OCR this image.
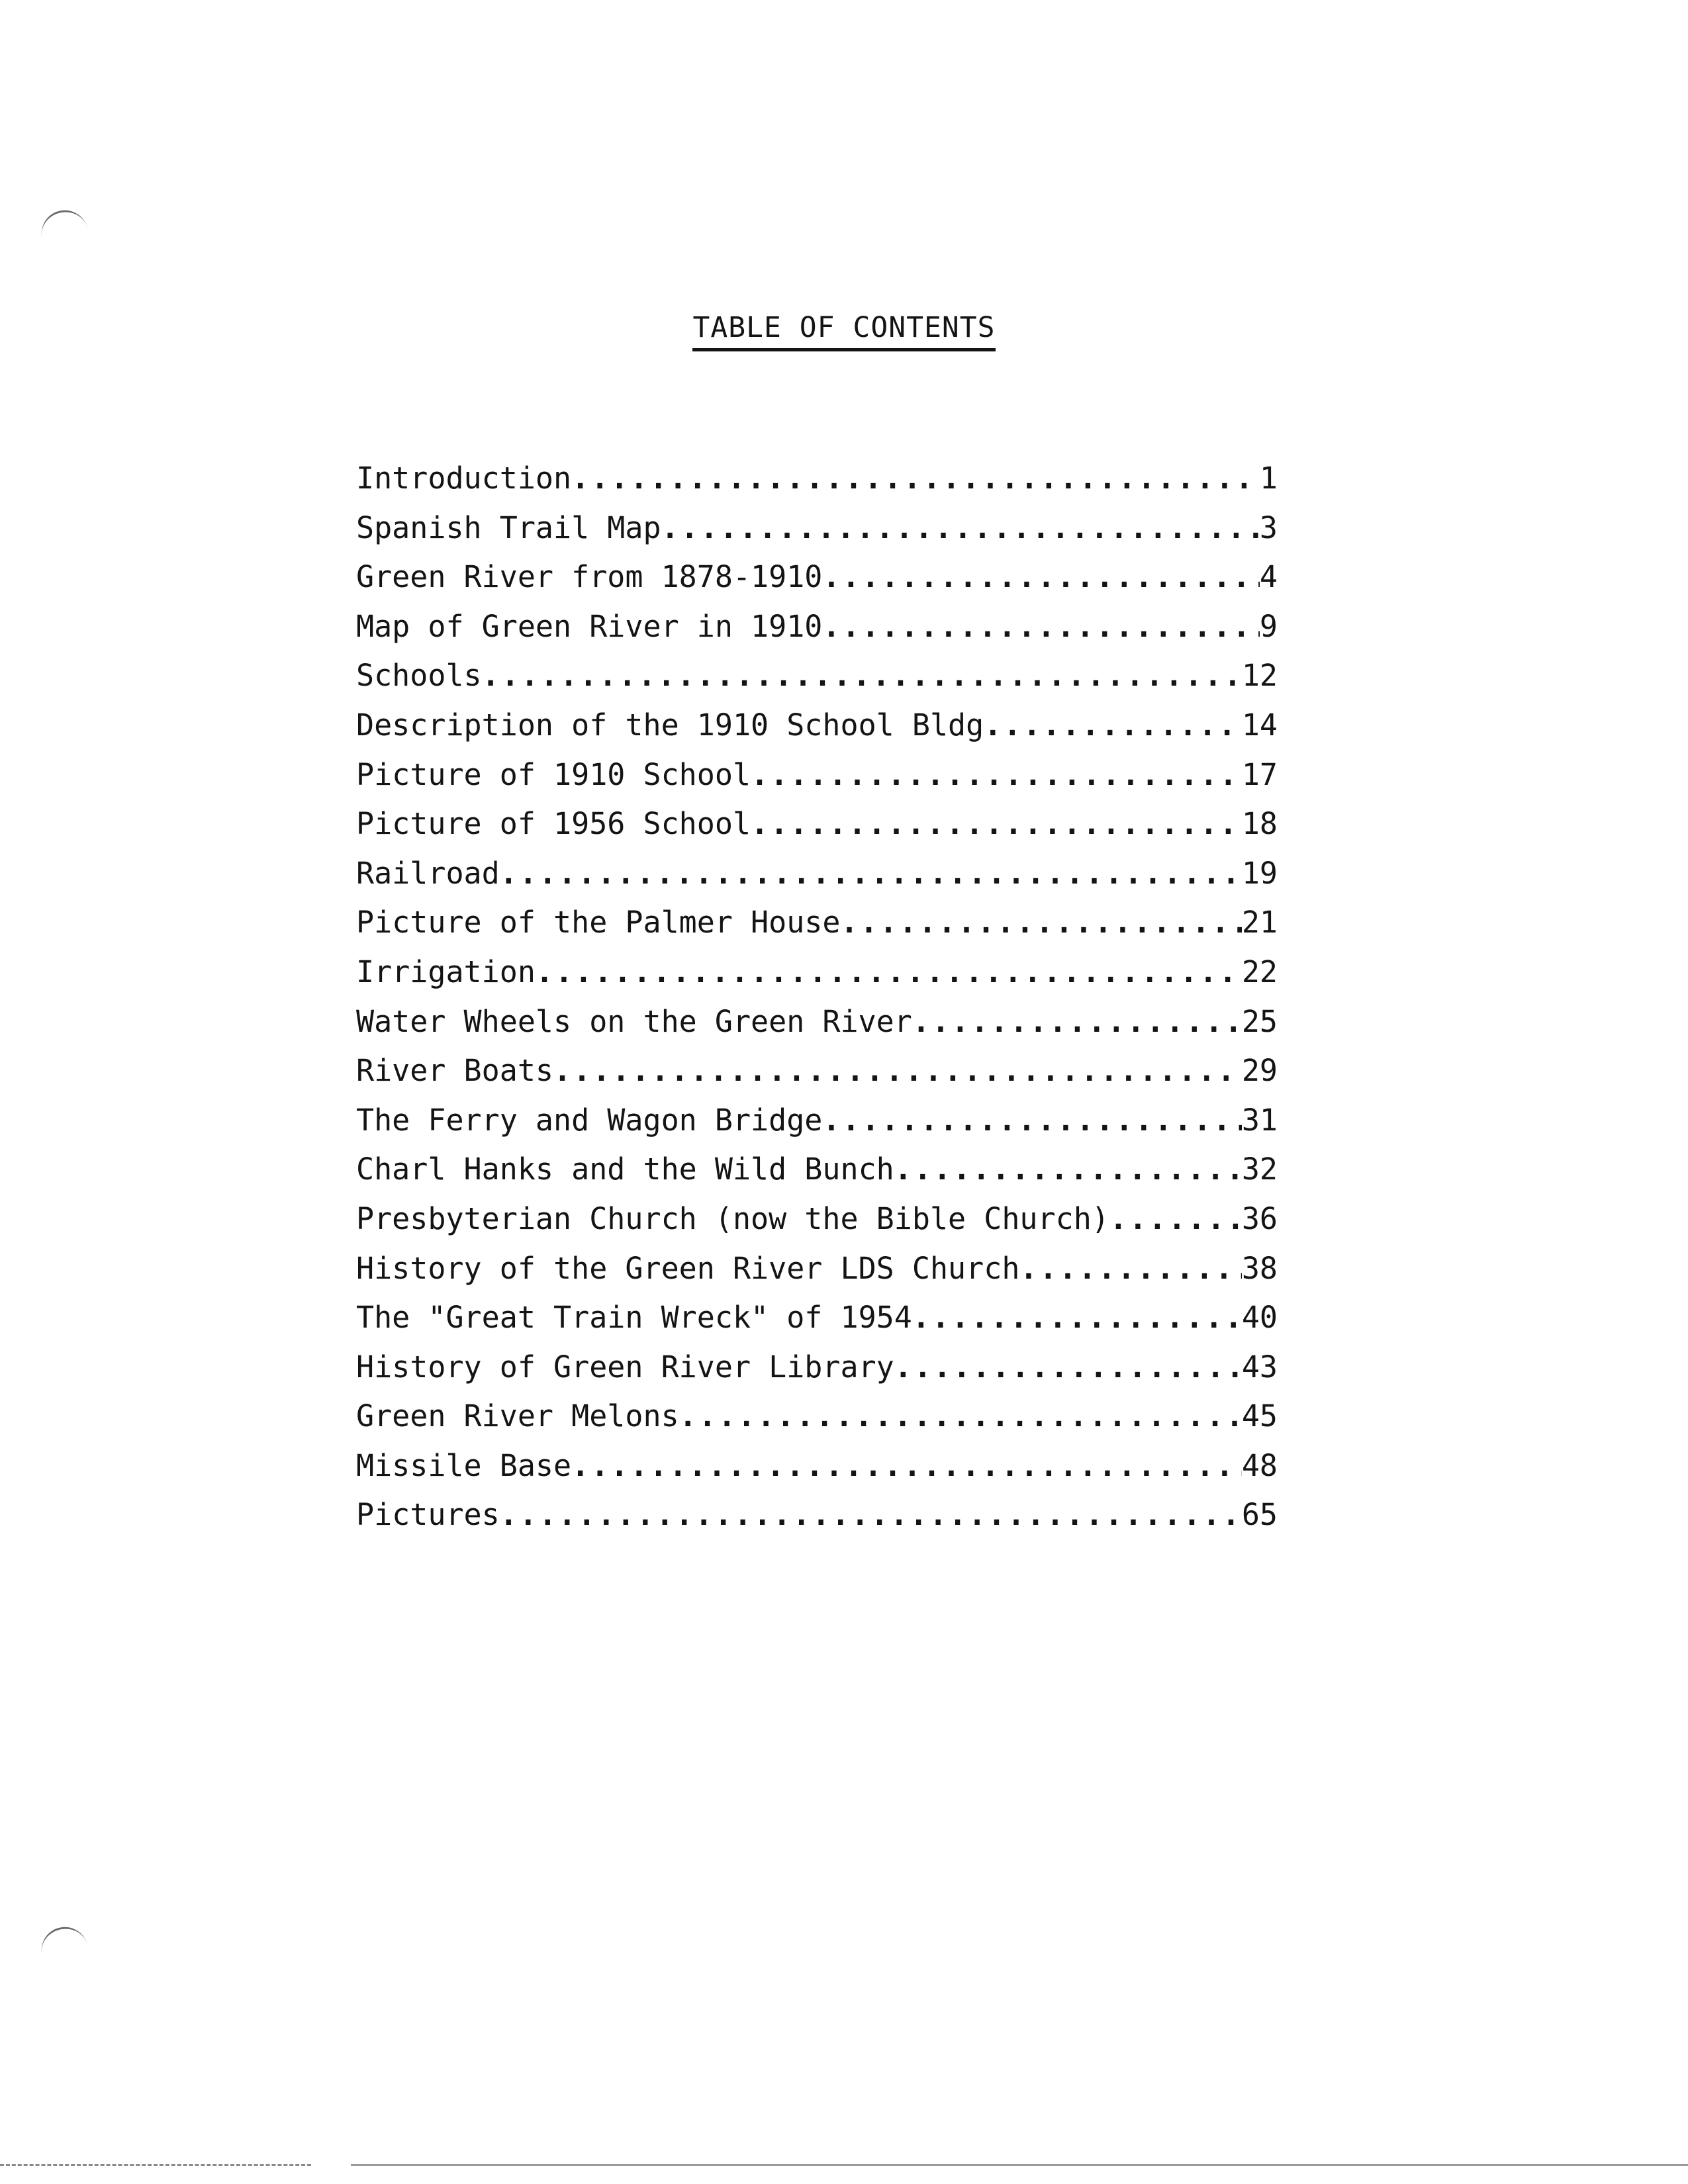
TABLE OF CONTENTS
Introduction .....	1
Spanish Trail Map .....	3
Green River from 1878-1910 .....	4
Map of Green River in 1910 .....	9
Schools .....	12
Description of the 1910 School Bldg .....	14
Picture of 1910 School .....	17
Picture of 1956 School .....	18
Railroad .....	19
Picture of the Palmer House .....	21
Irrigation .....	22
Water Wheels on the Green River .....	25
River Boats .....	29
The Ferry and Wagon Bridge .....	31
Charl Hanks and the Wild Bunch .....	32
Presbyterian Church (now the Bible Church) .....	36
History of the Green River LDS Church .....	38
The "Great Train Wreck" of 1954 .....	40
History of Green River Library .....	43
Green River Melons .....	45
Missile Base .....	48
Pictures .....	65
